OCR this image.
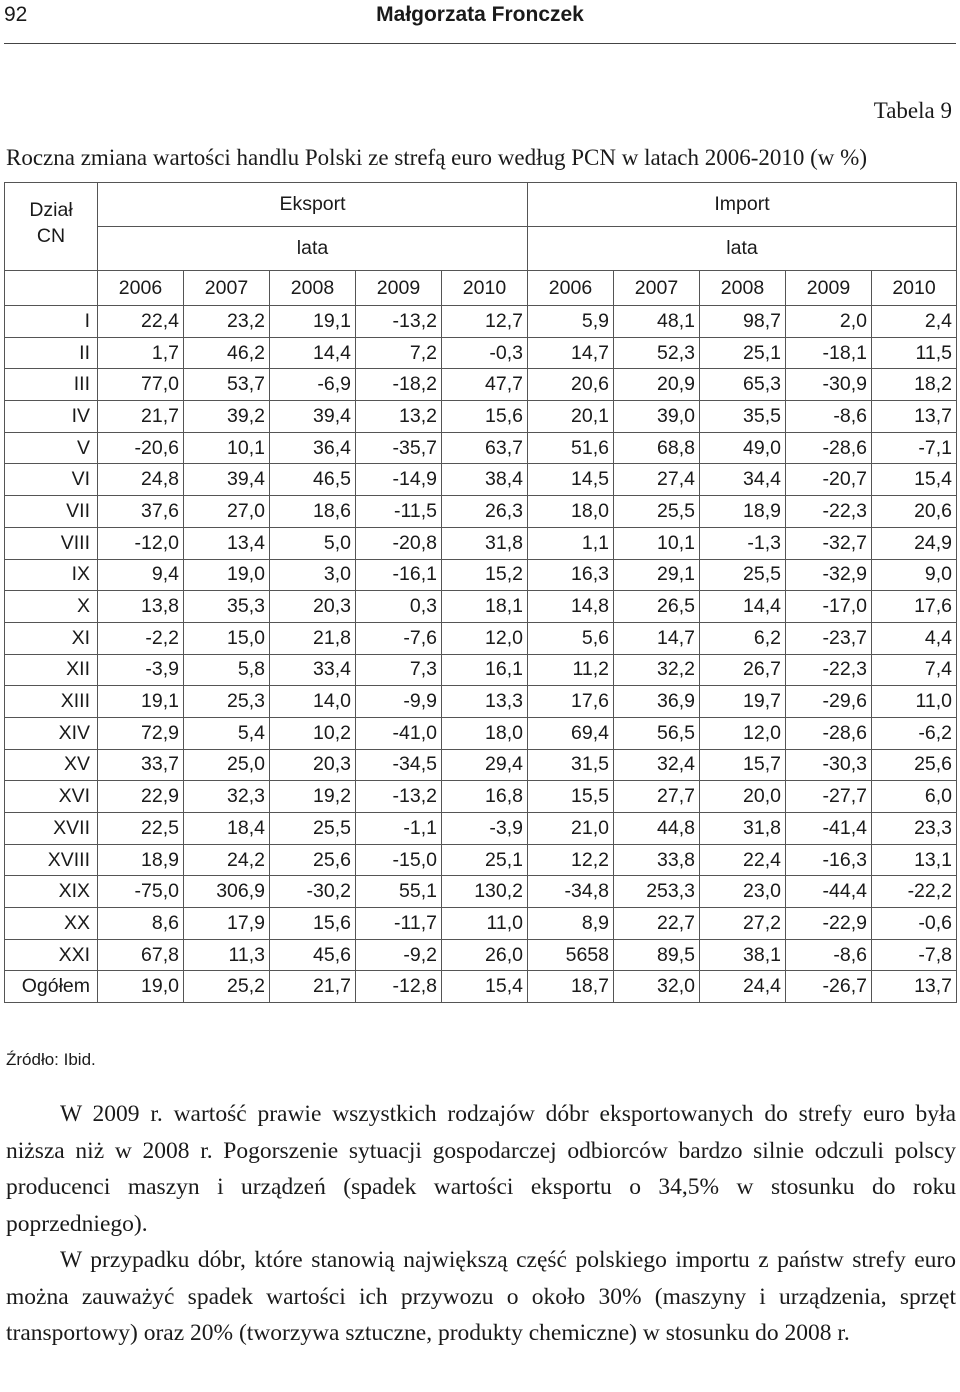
92	Małgorzata Fronczek
Tabela 9
Roczna zmiana wartości handlu Polski ze strefą euro według PCN w latach 2006-2010 (w %)
Dział
CN	Eksport					Import				
	lata					lata				
	2006	2007	2008	2009	2010	2006	2007	2008	2009	2010
I	22,4	23,2	19,1	-13,2	12,7	5,9	48,1	98,7	2,0	2,4
II	1,7	46,2	14,4	7,2	-0,3	14,7	52,3	25,1	-18,1	11,5
III	77,0	53,7	-6,9	-18,2	47,7	20,6	20,9	65,3	-30,9	18,2
IV	21,7	39,2	39,4	13,2	15,6	20,1	39,0	35,5	-8,6	13,7
V	-20,6	10,1	36,4	-35,7	63,7	51,6	68,8	49,0	-28,6	-7,1
VI	24,8	39,4	46,5	-14,9	38,4	14,5	27,4	34,4	-20,7	15,4
VII	37,6	27,0	18,6	-11,5	26,3	18,0	25,5	18,9	-22,3	20,6
VIII	-12,0	13,4	5,0	-20,8	31,8	1,1	10,1	-1,3	-32,7	24,9
IX	9,4	19,0	3,0	-16,1	15,2	16,3	29,1	25,5	-32,9	9,0
X	13,8	35,3	20,3	0,3	18,1	14,8	26,5	14,4	-17,0	17,6
XI	-2,2	15,0	21,8	-7,6	12,0	5,6	14,7	6,2	-23,7	4,4
XII	-3,9	5,8	33,4	7,3	16,1	11,2	32,2	26,7	-22,3	7,4
XIII	19,1	25,3	14,0	-9,9	13,3	17,6	36,9	19,7	-29,6	11,0
XIV	72,9	5,4	10,2	-41,0	18,0	69,4	56,5	12,0	-28,6	-6,2
XV	33,7	25,0	20,3	-34,5	29,4	31,5	32,4	15,7	-30,3	25,6
XVI	22,9	32,3	19,2	-13,2	16,8	15,5	27,7	20,0	-27,7	6,0
XVII	22,5	18,4	25,5	-1,1	-3,9	21,0	44,8	31,8	-41,4	23,3
XVIII	18,9	24,2	25,6	-15,0	25,1	12,2	33,8	22,4	-16,3	13,1
XIX	-75,0	306,9	-30,2	55,1	130,2	-34,8	253,3	23,0	-44,4	-22,2
XX	8,6	17,9	15,6	-11,7	11,0	8,9	22,7	27,2	-22,9	-0,6
XXI	67,8	11,3	45,6	-9,2	26,0	5658	89,5	38,1	-8,6	-7,8
Ogółem	19,0	25,2	21,7	-12,8	15,4	18,7	32,0	24,4	-26,7	13,7
Źródło: Ibid.

W 2009 r. wartość prawie wszystkich rodzajów dóbr eksportowanych do strefy euro była niższa niż w 2008 r. Pogorszenie sytuacji gospodarczej odbiorców bardzo silnie odczuli polscy producenci maszyn i urządzeń (spadek wartości eksportu o 34,5% w stosunku do roku poprzedniego).

W przypadku dóbr, które stanowią największą część polskiego importu z państw strefy euro można zauważyć spadek wartości ich przywozu o około 30% (maszyny i urządzenia, sprzęt transportowy) oraz 20% (tworzywa sztuczne, produkty chemiczne) w stosunku do 2008 r.
